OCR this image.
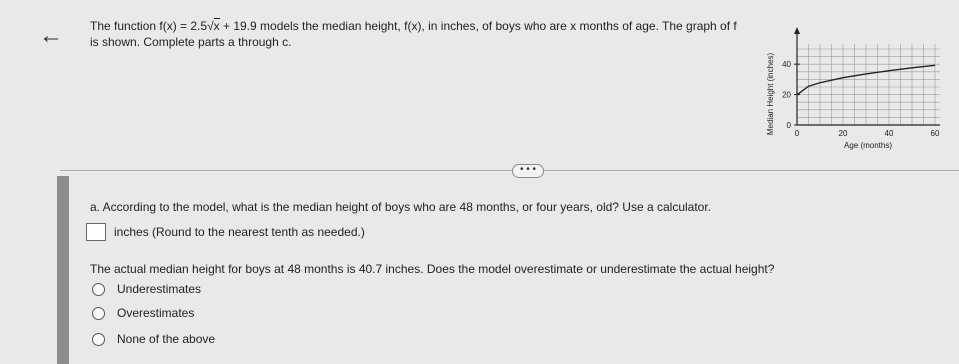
← The function f(x) = 2.5√x + 19.9 models the median height, f(x), in inches, of boys who are x months of age. The graph of f
is shown. Complete parts a through c.
0
20
40
0	20	40	60
Median Height (inches)
Age (months)
• • •
a. According to the model, what is the median height of boys who are 48 months, or four years, old? Use a calculator.
inches (Round to the nearest tenth as needed.)
The actual median height for boys at 48 months is 40.7 inches. Does the model overestimate or underestimate the actual height?
Underestimates
Overestimates
None of the above
